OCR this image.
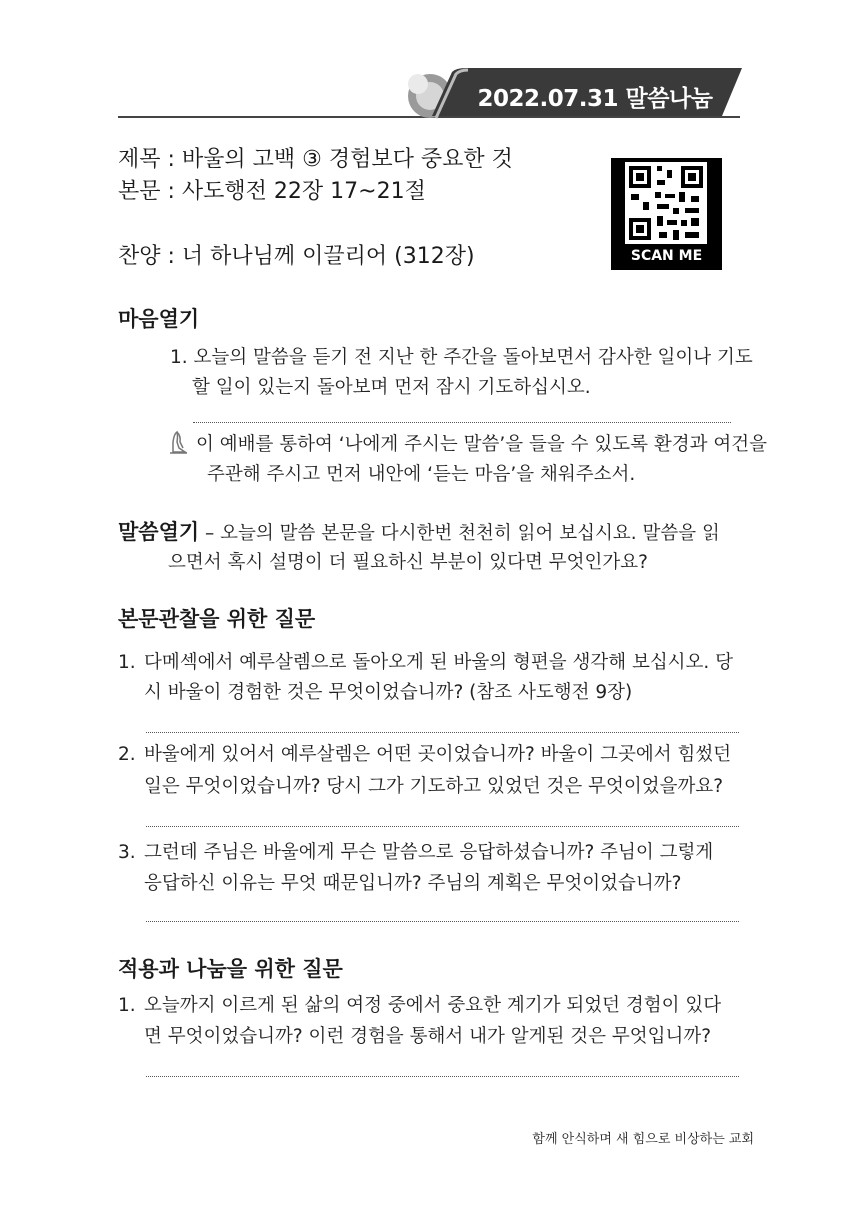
2022.07.31 말씀나눔지
제목 : 바울의 고백 ③ 경험보다 중요한 것
본문 : 사도행전 22장 17~21절
찬양 : 너 하나님께 이끌리어 (312장)	SCAN ME
마음열기
1. 오늘의 말씀을 듣기 전 지난 한 주간을 돌아보면서 감사한 일이나 기도
할 일이 있는지 돌아보며 먼저 잠시 기도하십시오.
이 예배를 통하여 ‘나에게 주시는 말씀’을 들을 수 있도록 환경과 여건을
주관해 주시고 먼저 내안에 ‘듣는 마음’을 채워주소서.
말씀열기 – 오늘의 말씀 본문을 다시한번 천천히 읽어 보십시요. 말씀을 읽
으면서 혹시 설명이 더 필요하신 부분이 있다면 무엇인가요?
본문관찰을 위한 질문
1. 다메섹에서 예루살렘으로 돌아오게 된 바울의 형편을 생각해 보십시오. 당
시 바울이 경험한 것은 무엇이었습니까? (참조 사도행전 9장)
2. 바울에게 있어서 예루살렘은 어떤 곳이었습니까? 바울이 그곳에서 힘썼던
일은 무엇이었습니까? 당시 그가 기도하고 있었던 것은 무엇이었을까요?
3. 그런데 주님은 바울에게 무슨 말씀으로 응답하셨습니까? 주님이 그렇게
응답하신 이유는 무엇 때문입니까? 주님의 계획은 무엇이었습니까?
적용과 나눔을 위한 질문
1. 오늘까지 이르게 된 삶의 여정 중에서 중요한 계기가 되었던 경험이 있다
면 무엇이었습니까? 이런 경험을 통해서 내가 알게된 것은 무엇입니까?
함께 안식하며 새 힘으로 비상하는 교회
